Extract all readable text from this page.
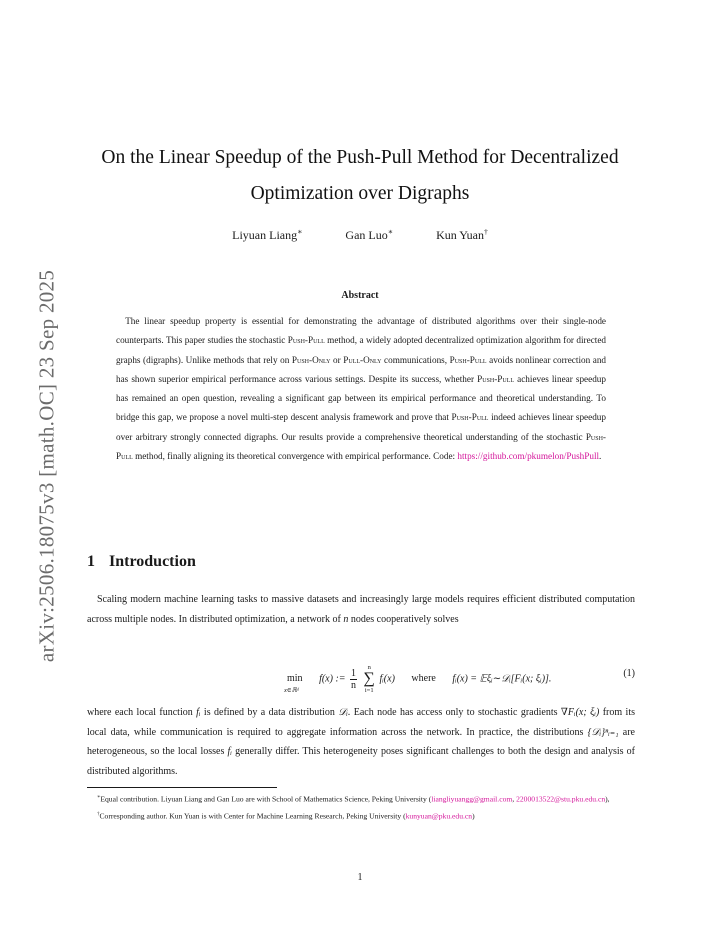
arXiv:2506.18075v3 [math.OC] 23 Sep 2025
On the Linear Speedup of the Push-Pull Method for Decentralized
Optimization over Digraphs
Liyuan Liang∗	Gan Luo∗	Kun Yuan†
Abstract
 The linear speedup property is essential for demonstrating the advantage of distributed algorithms over their single-node counterparts. This paper studies the stochastic Push-Pull method, a widely adopted decentralized optimization algorithm for directed graphs (digraphs). Unlike methods that rely on Push-Only or Pull-Only communications, Push-Pull avoids nonlinear correction and has shown superior empirical performance across various settings. Despite its success, whether Push-Pull achieves linear speedup has remained an open question, revealing a significant gap between its empirical performance and theoretical understanding. To bridge this gap, we propose a novel multi-step descent analysis framework and prove that Push-Pull indeed achieves linear speedup over arbitrary strongly connected digraphs. Our results provide a comprehensive theoretical understanding of the stochastic Push-Pull method, finally aligning its theoretical convergence with empirical performance. Code: https://github.com/pkumelon/PushPull.
1 Introduction
 Scaling modern machine learning tasks to massive datasets and increasingly large models requires efficient distributed computation across multiple nodes. In distributed optimization, a network of n nodes cooperatively solves
min
x∈ℝᵈ
f(x) := $\frac{1}{n}$
	n
∑
i=1
fᵢ(x) where fᵢ(x) = 𝔼ξᵢ∼𝒟ᵢ[Fᵢ(x; ξᵢ)].	(1)
where each local function fᵢ is defined by a data distribution 𝒟ᵢ. Each node has access only to stochastic gradients ∇Fᵢ(x; ξᵢ) from its local data, while communication is required to aggregate information across the network. In practice, the distributions {𝒟ᵢ}ⁿᵢ₌₁ are heterogeneous, so the local losses fᵢ generally differ. This heterogeneity poses significant challenges to both the design and analysis of distributed algorithms.

∗Equal contribution. Liyuan Liang and Gan Luo are with School of Mathematics Science, Peking University (liangliyuangg@gmail.com, 2200013522@stu.pku.edu.cn),

†Corresponding author. Kun Yuan is with Center for Machine Learning Research, Peking University (kunyuan@pku.edu.cn)

1
